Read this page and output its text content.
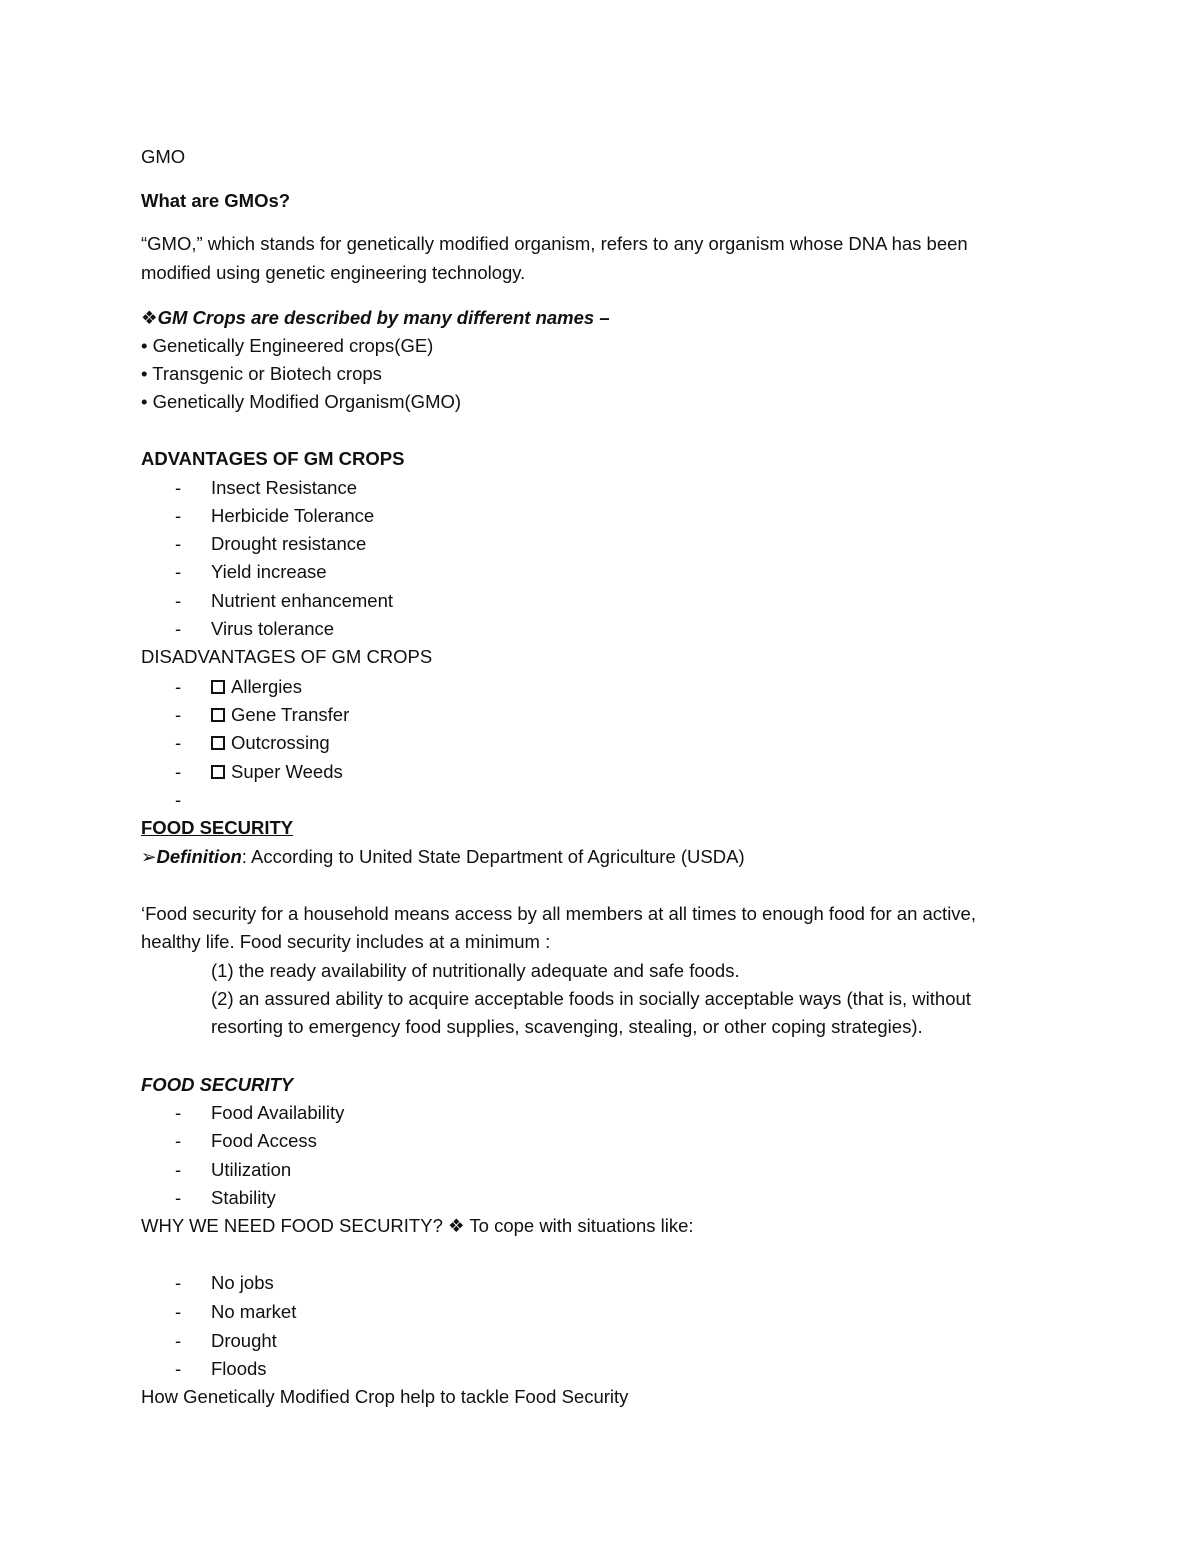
GMO
What are GMOs?
“GMO,” which stands for genetically modified organism, refers to any organism whose DNA has been
modified using genetic engineering technology.
❖GM Crops are described by many different names –
• Genetically Engineered crops(GE)
• Transgenic or Biotech crops
• Genetically Modified Organism(GMO)
ADVANTAGES OF GM CROPS
- Insect Resistance
- Herbicide Tolerance
- Drought resistance
- Yield increase
- Nutrient enhancement
- Virus tolerance
DISADVANTAGES OF GM CROPS
-	Allergies
-	Gene Transfer
-	Outcrossing
-	Super Weeds
-
FOOD SECURITY
➢Definition: According to United State Department of Agriculture (USDA)
‘Food security for a household means access by all members at all times to enough food for an active,
healthy life. Food security includes at a minimum :
(1) the ready availability of nutritionally adequate and safe foods.
(2) an assured ability to acquire acceptable foods in socially acceptable ways (that is, without
resorting to emergency food supplies, scavenging, stealing, or other coping strategies).
FOOD SECURITY
- Food Availability
- Food Access
- Utilization
- Stability
WHY WE NEED FOOD SECURITY? ❖ To cope with situations like:
- No jobs
- No market
- Drought
- Floods
How Genetically Modified Crop help to tackle Food Security
